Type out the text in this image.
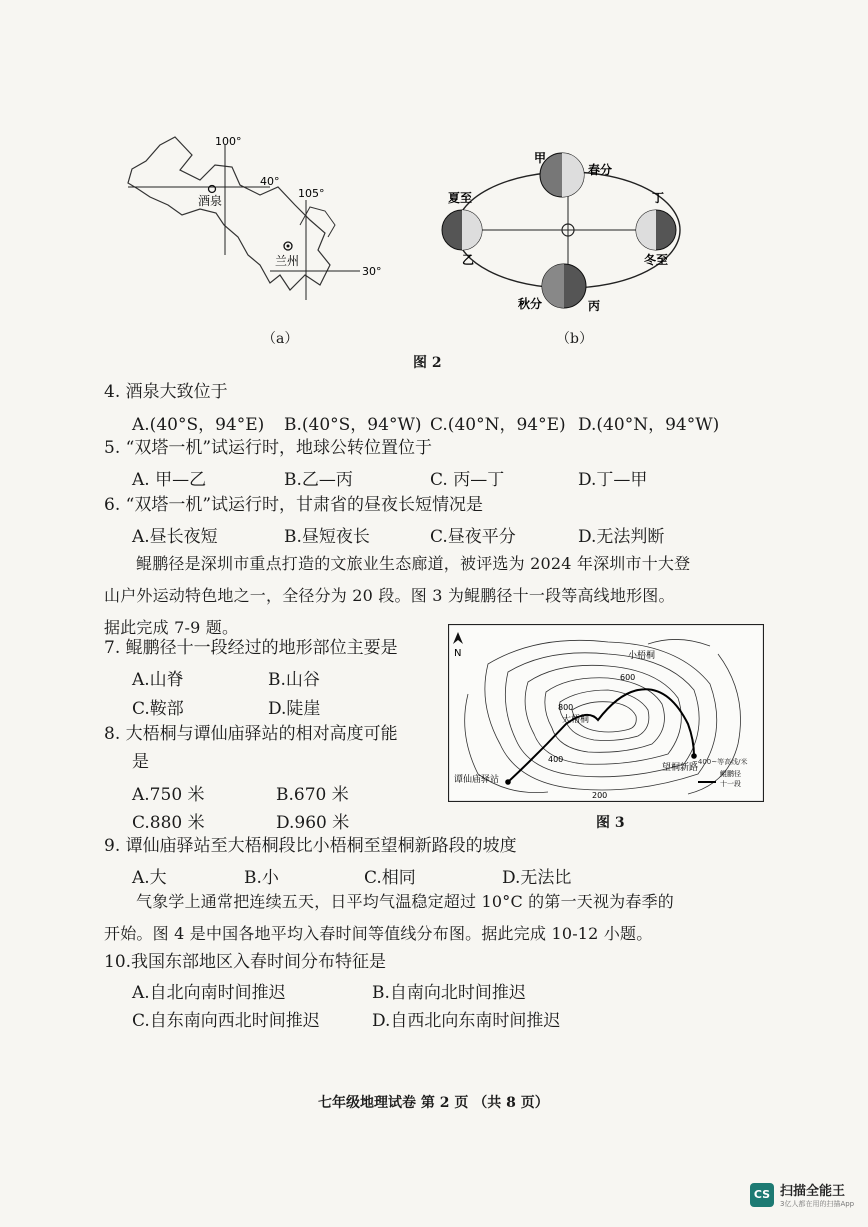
100°
40°
105°
30°
酒泉
兰州
（a）
甲
春分
夏至
乙
丁
冬至
秋分	丙
（b）
图 2
4. 酒泉大致位于
A.(40°S，94°E) B.(40°S，94°W) C.(40°N，94°E) D.(40°N，94°W)
5. “双塔一机”试运行时，地球公转位置位于
A. 甲—乙	B.乙—丙	C. 丙—丁	D.丁—甲
6. “双塔一机”试运行时，甘肃省的昼夜长短情况是
A.昼长夜短	B.昼短夜长	C.昼夜平分	D.无法判断
鲲鹏径是深圳市重点打造的文旅业生态廊道，被评选为 2024 年深圳市十大登
山户外运动特色地之一，全径分为 20 段。图 3 为鲲鹏径十一段等高线地形图。
据此完成 7-9 题。
7. 鲲鹏径十一段经过的地形部位主要是
A.山脊	B.山谷
C.鞍部	D.陡崖
8. 大梧桐与谭仙庙驿站的相对高度可能
是
A.750 米	B.670 米
C.880 米	D.960 米
N
600
800
400
200
小梧桐
大梧桐
谭仙庙驿站
望桐新路
~400~等高线/米
鲲鹏径
十一段
图 3
9. 谭仙庙驿站至大梧桐段比小梧桐至望桐新路段的坡度
A.大	B.小	C.相同	D.无法比
气象学上通常把连续五天，日平均气温稳定超过 10°C 的第一天视为春季的
开始。图 4 是中国各地平均入春时间等值线分布图。据此完成 10-12 小题。
10.我国东部地区入春时间分布特征是
A.自北向南时间推迟	B.自南向北时间推迟
C.自东南向西北时间推迟	D.自西北向东南时间推迟
七年级地理试卷 第 2 页 （共 8 页）
CS 扫描全能王
3亿人都在用的扫描App
